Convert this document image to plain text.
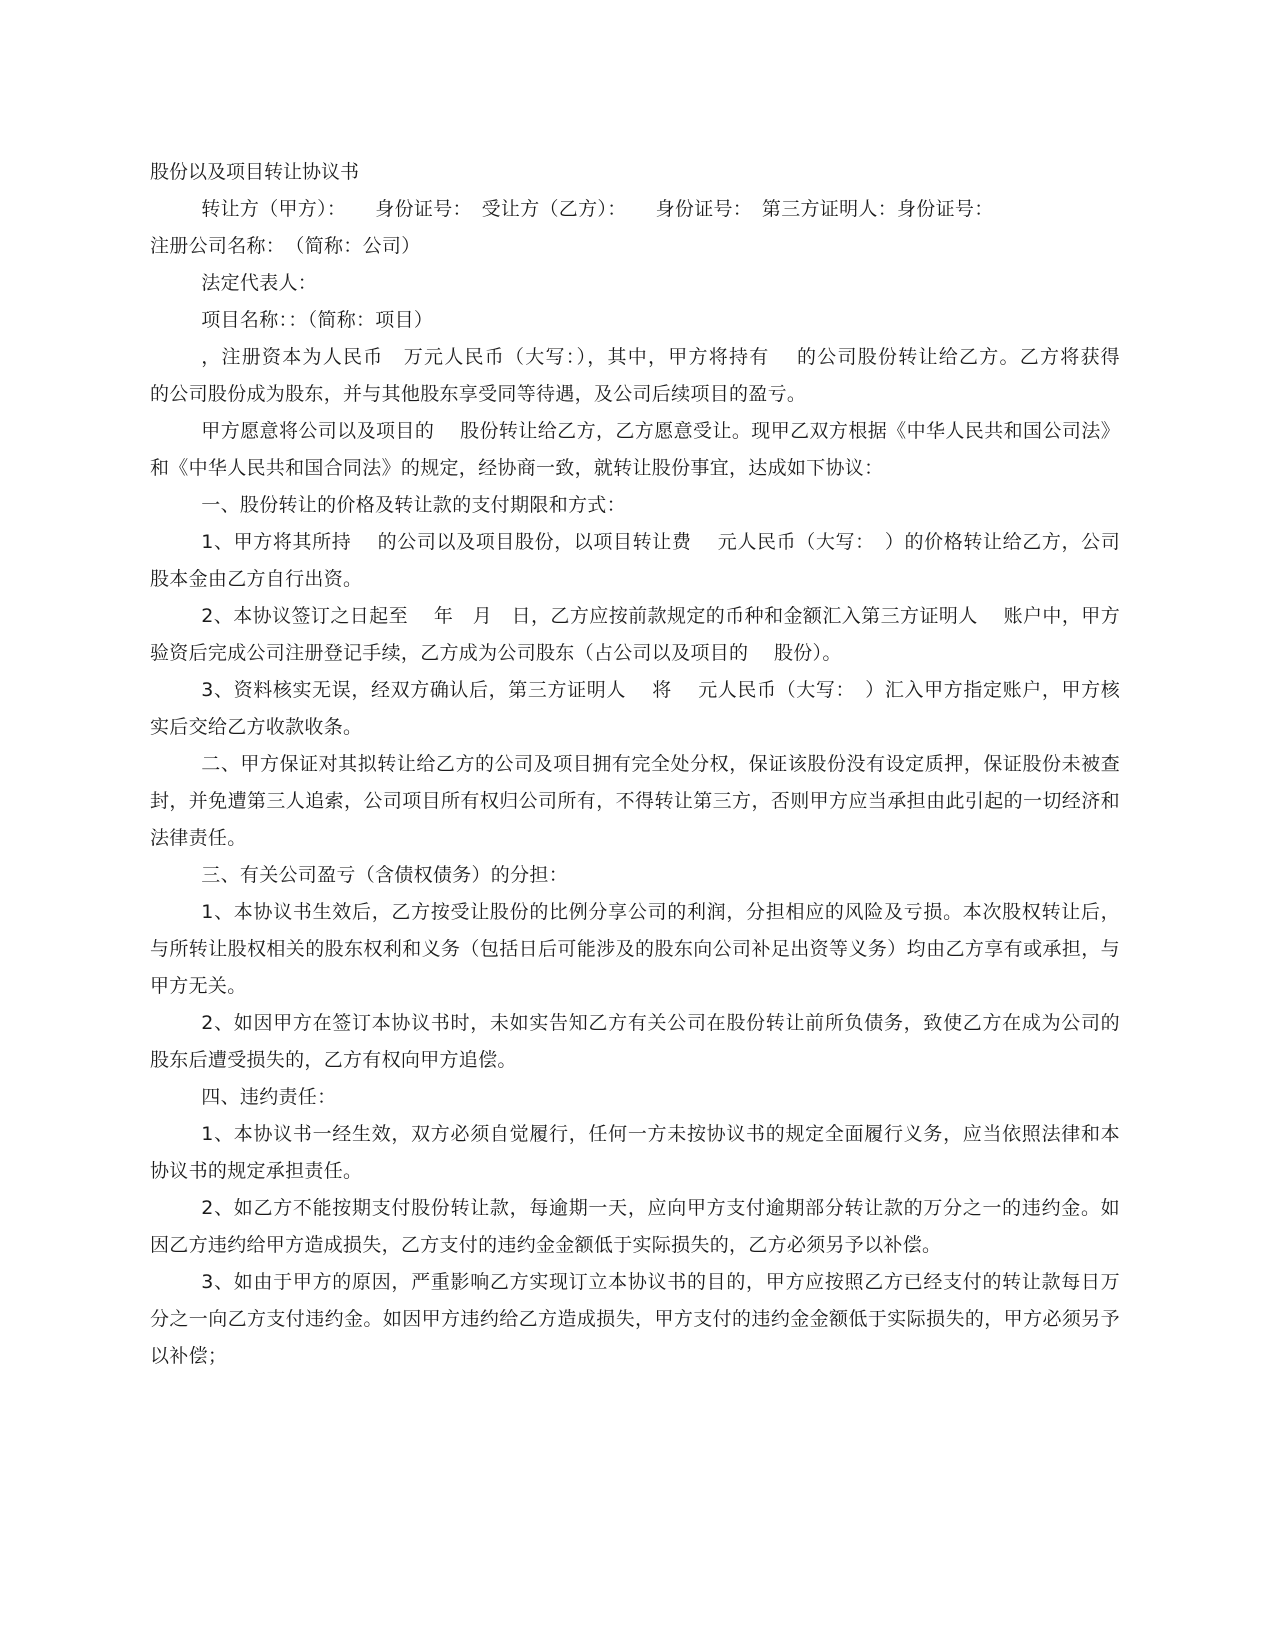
股份以及项目转让协议书

转让方（甲方）：　　身份证号：　受让方（乙方）：　　身份证号：　第三方证明人：身份证号：

注册公司名称：　（简称：公司）

法定代表人：

项目名称：：（简称：项目）

，注册资本为人民币　万元人民币（大写：），其中，甲方将持有　 的公司股份转让给乙方。乙方将获得　 的公司股份成为股东，并与其他股东享受同等待遇，及公司后续项目的盈亏。

甲方愿意将公司以及项目的　 股份转让给乙方，乙方愿意受让。现甲乙双方根据《中华人民共和国公司法》和《中华人民共和国合同法》的规定，经协商一致，就转让股份事宜，达成如下协议：

一、股份转让的价格及转让款的支付期限和方式：

1、甲方将其所持　 的公司以及项目股份，以项目转让费　 元人民币（大写：　）的价格转让给乙方，公司　 股本金由乙方自行出资。

2、本协议签订之日起至　 年　月　日，乙方应按前款规定的币种和金额汇入第三方证明人　 账户中，甲方验资后完成公司注册登记手续，乙方成为公司股东（占公司以及项目的　 股份）。

3、资料核实无误，经双方确认后，第三方证明人　 将　 元人民币（大写：　）汇入甲方指定账户，甲方核实后交给乙方收款收条。

二、甲方保证对其拟转让给乙方的公司及项目拥有完全处分权，保证该股份没有设定质押，保证股份未被查封，并免遭第三人追索，公司项目所有权归公司所有，不得转让第三方，否则甲方应当承担由此引起的一切经济和法律责任。

三、有关公司盈亏（含债权债务）的分担：

1、本协议书生效后，乙方按受让股份的比例分享公司的利润，分担相应的风险及亏损。本次股权转让后，与所转让股权相关的股东权利和义务（包括日后可能涉及的股东向公司补足出资等义务）均由乙方享有或承担，与甲方无关。

2、如因甲方在签订本协议书时，未如实告知乙方有关公司在股份转让前所负债务，致使乙方在成为公司的股东后遭受损失的，乙方有权向甲方追偿。

四、违约责任：

1、本协议书一经生效，双方必须自觉履行，任何一方未按协议书的规定全面履行义务，应当依照法律和本协议书的规定承担责任。

2、如乙方不能按期支付股份转让款，每逾期一天，应向甲方支付逾期部分转让款的万分之一的违约金。如因乙方违约给甲方造成损失，乙方支付的违约金金额低于实际损失的，乙方必须另予以补偿。

3、如由于甲方的原因，严重影响乙方实现订立本协议书的目的，甲方应按照乙方已经支付的转让款每日万分之一向乙方支付违约金。如因甲方违约给乙方造成损失，甲方支付的违约金金额低于实际损失的，甲方必须另予以补偿；
